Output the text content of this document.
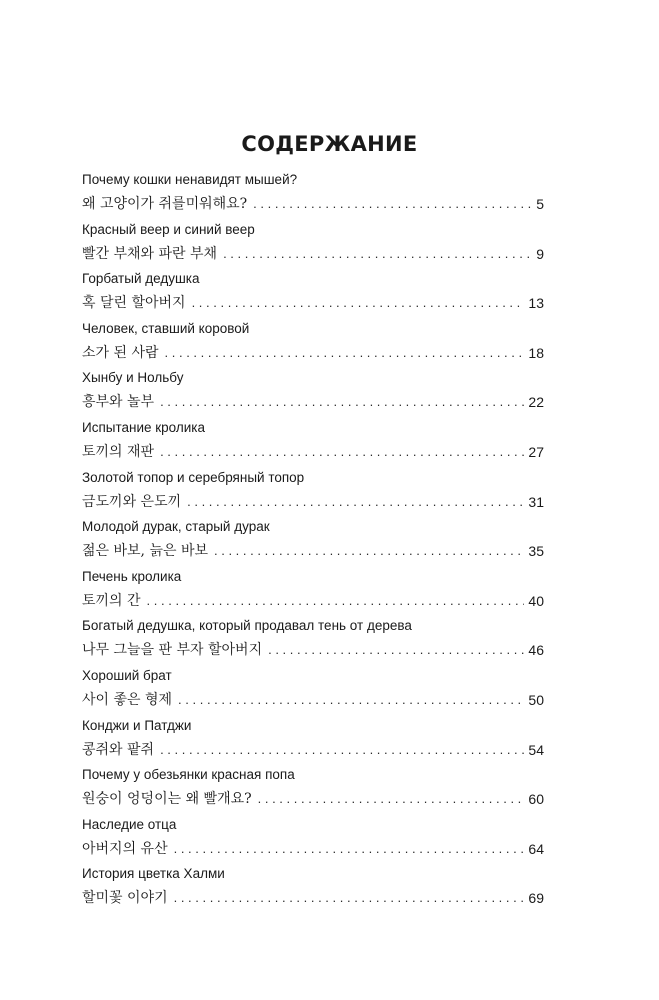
СОДЕРЖАНИЕ
Почему кошки ненавидят мышей?
왜 고양이가 쥐를미워해요? . . .	5
Красный веер и синий веер
빨간 부채와 파란 부채 . . .	9
Горбатый дедушка
혹 달린 할아버지 . . .	13
Человек, ставший коровой
소가 된 사람 . . .	18
Хынбу и Нольбу
흥부와 놀부 . . .	22
Испытание кролика
토끼의 재판 . . .	27
Золотой топор и серебряный топор
금도끼와 은도끼 . . .	31
Молодой дурак, старый дурак
젊은 바보, 늙은 바보 . . .	35
Печень кролика
토끼의 간 . . .	40
Богатый дедушка, который продавал тень от дерева
나무 그늘을 판 부자 할아버지 . . .	46
Хороший брат
사이 좋은 형제 . . .	50
Конджи и Патджи
콩쥐와 팥쥐 . . .	54
Почему у обезьянки красная попа
원숭이 엉덩이는 왜 빨개요? . . .	60
Наследие отца
아버지의 유산 . . .	64
История цветка Халми
할미꽃 이야기 . . .	69
